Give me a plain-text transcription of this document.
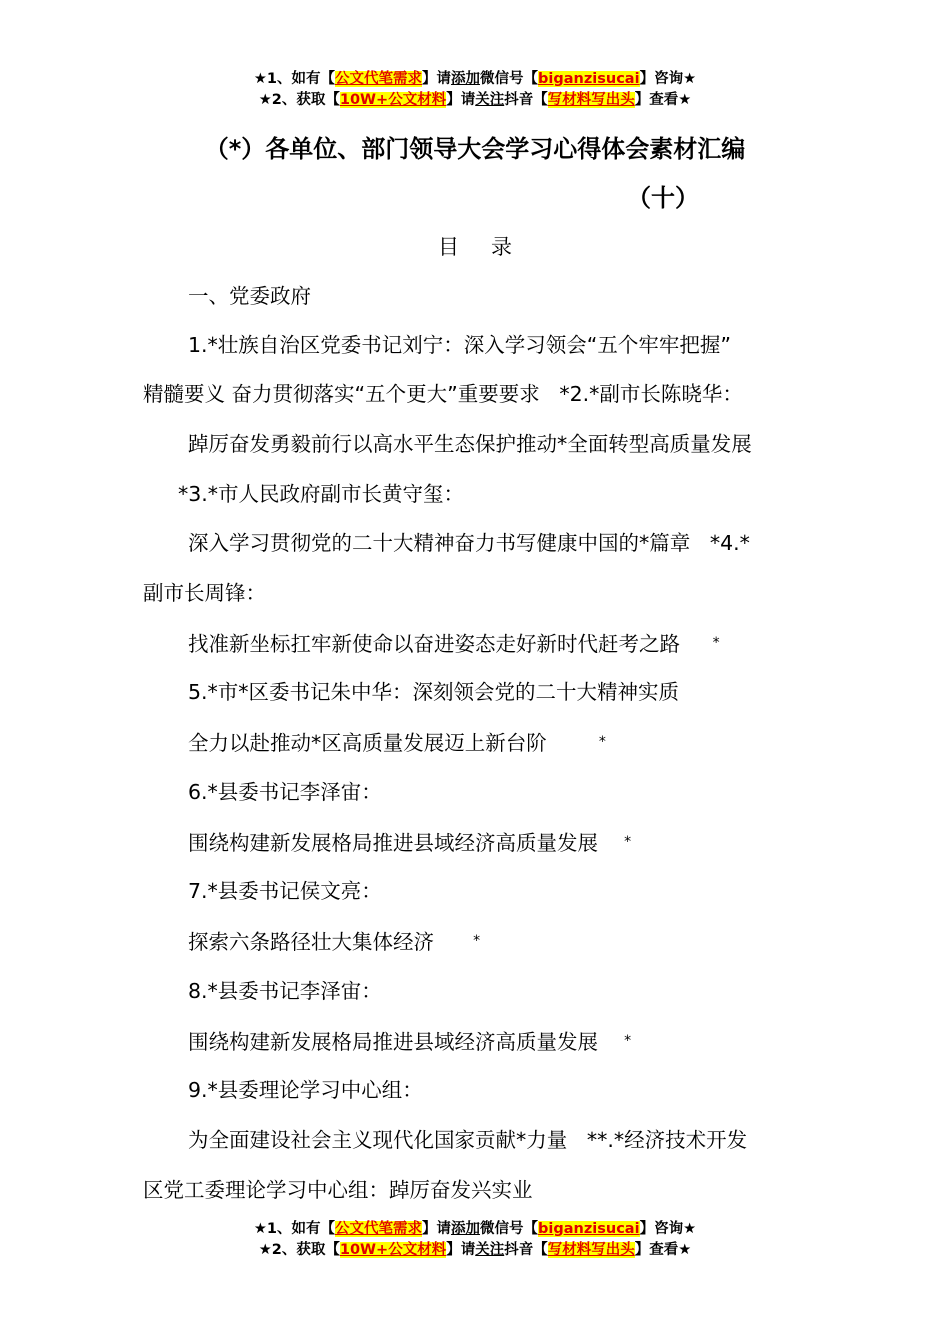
★1、如有【公文代笔需求】请添加微信号【biganzisucai】咨询★
★2、获取【10W+公文材料】请关注抖音【写材料写出头】查看★
（*）各单位、部门领导大会学习心得体会素材汇编
（十）
目录
一、党委政府
1.*壮族自治区党委书记刘宁：深入学习领会“五个牢牢把握”
精髓要义 奋力贯彻落实“五个更大”重要要求 *2.*副市长陈晓华：
踔厉奋发勇毅前行以高水平生态保护推动*全面转型高质量发展
*3.*市人民政府副市长黄守玺：
深入学习贯彻党的二十大精神奋力书写健康中国的*篇章 *4.*
副市长周锋：
找准新坐标扛牢新使命以奋进姿态走好新时代赶考之路 *
5.*市*区委书记朱中华：深刻领会党的二十大精神实质
全力以赴推动*区高质量发展迈上新台阶	*
6.*县委书记李泽宙：
围绕构建新发展格局推进县域经济高质量发展 *
7.*县委书记侯文亮：
探索六条路径壮大集体经济	*
8.*县委书记李泽宙：
围绕构建新发展格局推进县域经济高质量发展 *
9.*县委理论学习中心组：
为全面建设社会主义现代化国家贡献*力量 **.*经济技术开发
区党工委理论学习中心组：踔厉奋发兴实业
★1、如有【公文代笔需求】请添加微信号【biganzisucai】咨询★
★2、获取【10W+公文材料】请关注抖音【写材料写出头】查看★
